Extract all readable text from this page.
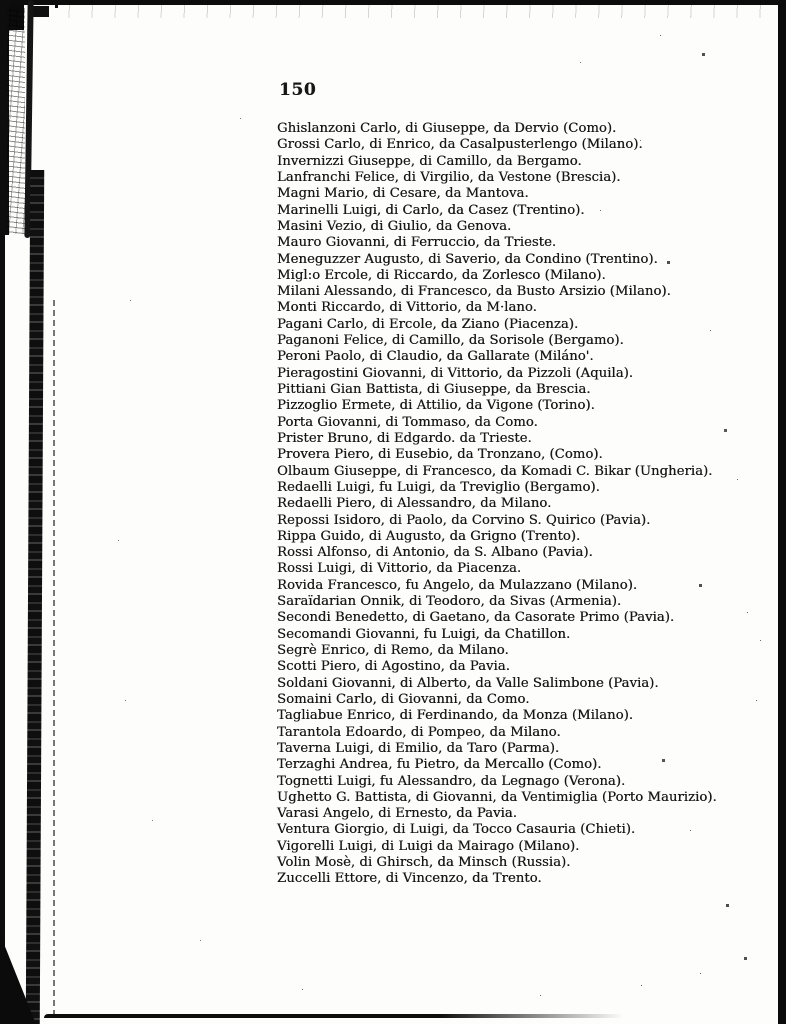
150
Ghislanzoni Carlo, di Giuseppe, da Dervio (Como).
Grossi Carlo, di Enrico, da Casalpusterlengo (Milano).
Invernizzi Giuseppe, di Camillo, da Bergamo.
Lanfranchi Felice, di Virgilio, da Vestone (Brescia).
Magni Mario, di Cesare, da Mantova.
Marinelli Luigi, di Carlo, da Casez (Trentino).
Masini Vezio, di Giulio, da Genova.
Mauro Giovanni, di Ferruccio, da Trieste.
Meneguzzer Augusto, di Saverio, da Condino (Trentino).
Migl:o Ercole, di Riccardo, da Zorlesco (Milano).
Milani Alessando, di Francesco, da Busto Arsizio (Milano).
Monti Riccardo, di Vittorio, da M·lano.
Pagani Carlo, di Ercole, da Ziano (Piacenza).
Paganoni Felice, di Camillo, da Sorisole (Bergamo).
Peroni Paolo, di Claudio, da Gallarate (Miláno'.
Pieragostini Giovanni, di Vittorio, da Pizzoli (Aquila).
Pittiani Gian Battista, di Giuseppe, da Brescia.
Pizzoglio Ermete, di Attilio, da Vigone (Torino).
Porta Giovanni, di Tommaso, da Como.
Prister Bruno, di Edgardo. da Trieste.
Provera Piero, di Eusebio, da Tronzano, (Como).
Olbaum Giuseppe, di Francesco, da Komadi C. Bikar (Ungheria).
Redaelli Luigi, fu Luigi, da Treviglio (Bergamo).
Redaelli Piero, di Alessandro, da Milano.
Repossi Isidoro, di Paolo, da Corvino S. Quirico (Pavia).
Rippa Guido, di Augusto, da Grigno (Trento).
Rossi Alfonso, di Antonio, da S. Albano (Pavia).
Rossi Luigi, di Vittorio, da Piacenza.
Rovida Francesco, fu Angelo, da Mulazzano (Milano).
Saraïdarian Onnik, di Teodoro, da Sivas (Armenia).
Secondi Benedetto, di Gaetano, da Casorate Primo (Pavia).
Secomandi Giovanni, fu Luigi, da Chatillon.
Segrè Enrico, di Remo, da Milano.
Scotti Piero, di Agostino, da Pavia.
Soldani Giovanni, di Alberto, da Valle Salimbone (Pavia).
Somaini Carlo, di Giovanni, da Como.
Tagliabue Enrico, di Ferdinando, da Monza (Milano).
Tarantola Edoardo, di Pompeo, da Milano.
Taverna Luigi, di Emilio, da Taro (Parma).
Terzaghi Andrea, fu Pietro, da Mercallo (Como).
Tognetti Luigi, fu Alessandro, da Legnago (Verona).
Ughetto G. Battista, di Giovanni, da Ventimiglia (Porto Maurizio).
Varasi Angelo, di Ernesto, da Pavia.
Ventura Giorgio, di Luigi, da Tocco Casauria (Chieti).
Vigorelli Luigi, di Luigi da Mairago (Milano).
Volin Mosè, di Ghirsch, da Minsch (Russia).
Zuccelli Ettore, di Vincenzo, da Trento.
